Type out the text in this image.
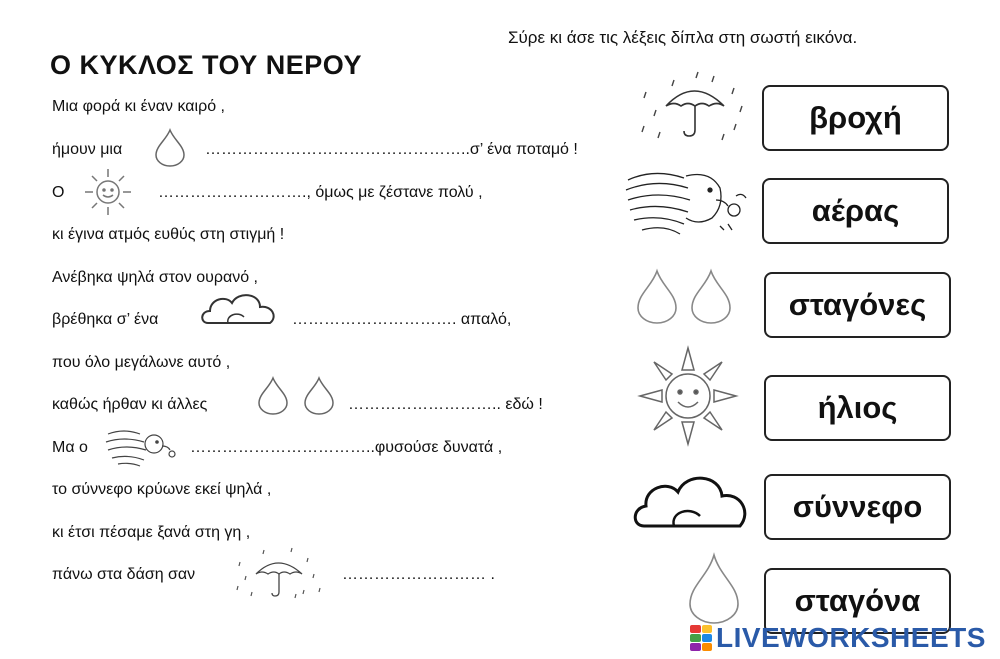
Σύρε κι άσε τις λέξεις δίπλα στη σωστή εικόνα.
Ο ΚΥΚΛΟΣ ΤΟΥ ΝΕΡΟΥ
Μια φορά κι έναν καιρό ,
ήμουν μια	…………………………………………..σ’ ένα ποταμό !
Ο	………………………., όμως με ζέστανε πολύ ,
κι έγινα ατμός ευθύς στη στιγμή !
Ανέβηκα ψηλά στον ουρανό ,
βρέθηκα σ’ ένα	…………………………. απαλό,
που όλο μεγάλωνε αυτό ,
καθώς ήρθαν κι άλλες	……………………….. εδώ !
Μα ο	……………………………..φυσούσε δυνατά ,
το σύννεφο κρύωνε εκεί ψηλά ,
κι έτσι πέσαμε ξανά στη γη ,
πάνω στα δάση σαν	……………………… .
βροχή
αέρας
σταγόνες
ήλιος
σύννεφο
σταγόνα
LIVEWORKSHEETS
